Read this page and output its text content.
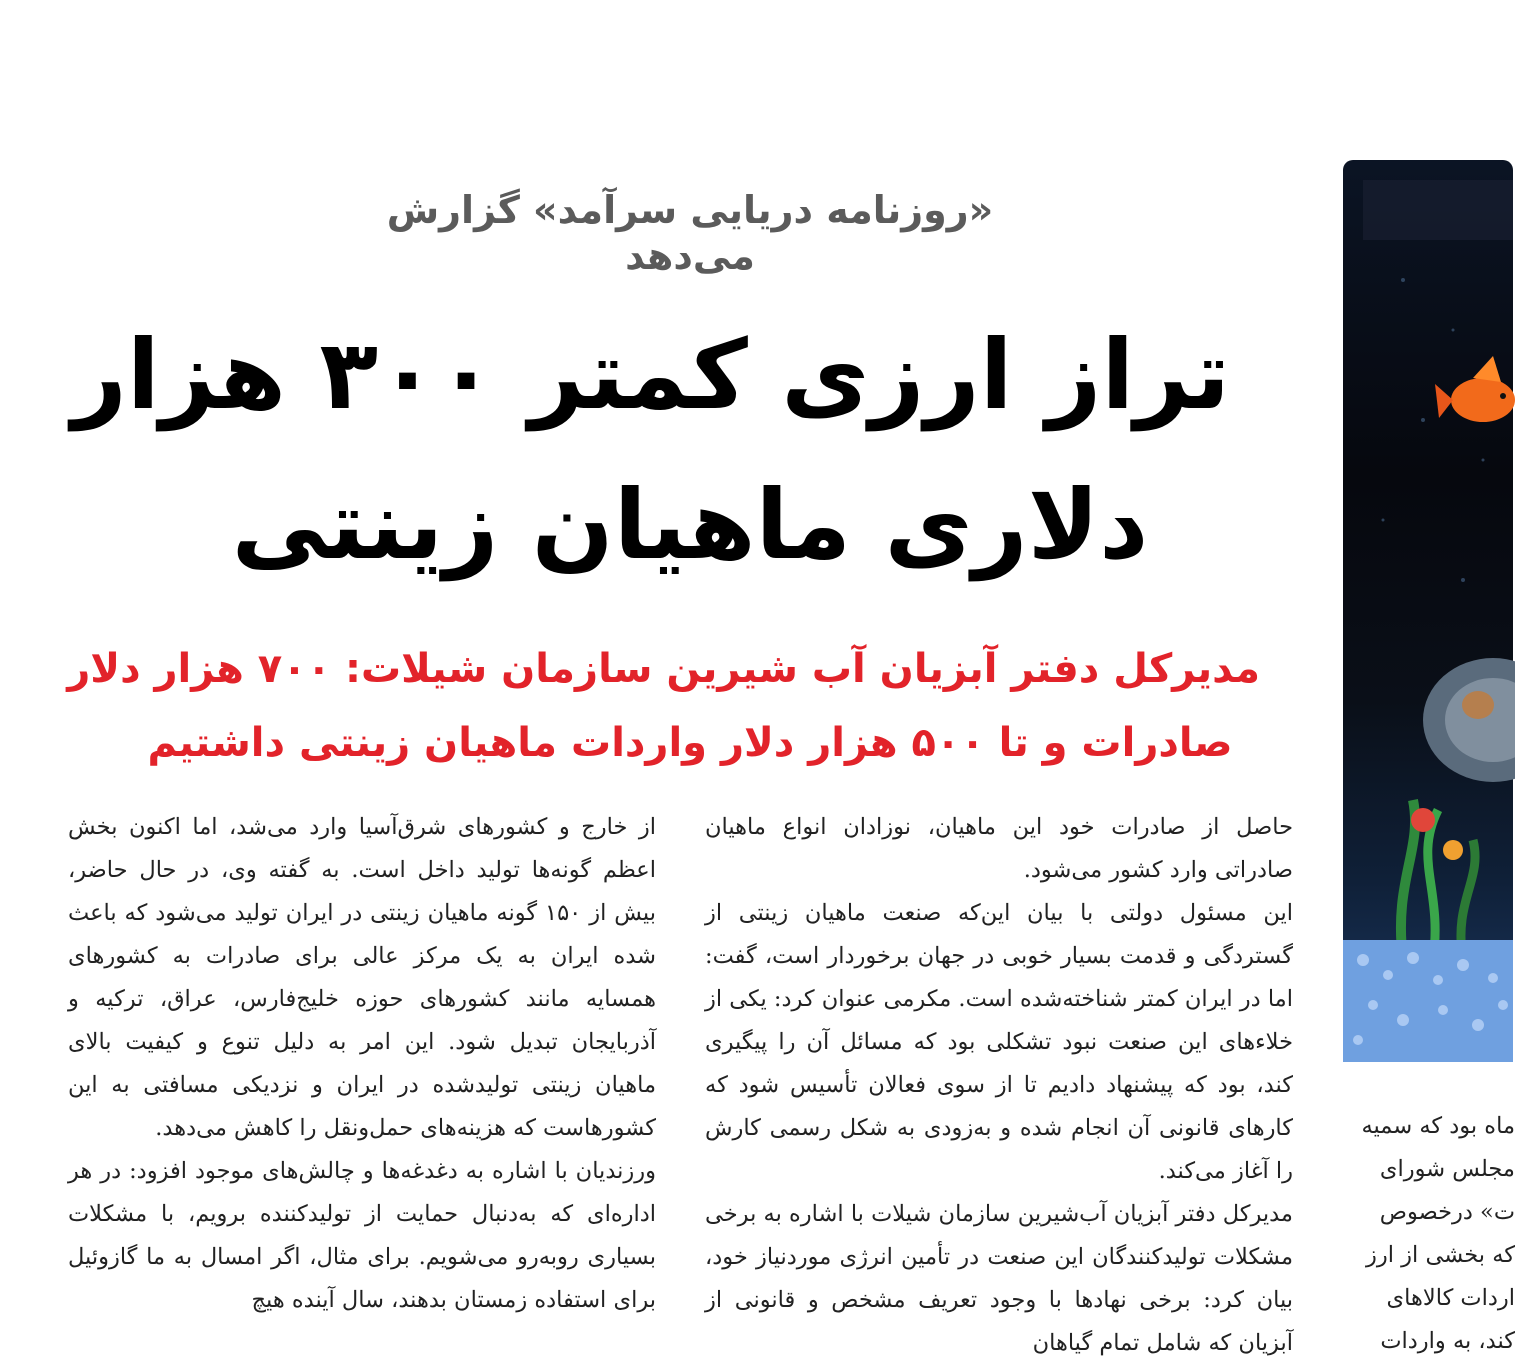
«روزنامه دریایی سرآمد» گزارش می‌دهد
تراز ارزی کمتر ۳۰۰ هزار
دلاری ماهیان زینتی
مدیرکل دفتر آبزیان آب شیرین سازمان شیلات: ۷۰۰ هزار دلار
صادرات و تا ۵۰۰ هزار دلار واردات ماهیان زینتی داشتیم

حاصل از صادرات خود این ماهیان، نوزادان انواع ماهیان صادراتی وارد کشور می‌شود.

این مسئول دولتی با بیان این‌که صنعت ماهیان زینتی از گستردگی و قدمت بسیار خوبی در جهان برخوردار است، گفت: اما در ایران کمتر شناخته‌شده است. مکرمی عنوان کرد: یکی از خلاءهای این صنعت نبود تشکلی بود که مسائل آن را پیگیری کند، بود که پیشنهاد دادیم تا از سوی فعالان تأسیس شود که کارهای قانونی آن انجام شده و به‌زودی به شکل رسمی کارش را آغاز می‌کند.

مدیرکل دفتر آبزیان آب‌شیرین سازمان شیلات با اشاره به برخی مشکلات تولیدکنندگان این صنعت در تأمین انرژی موردنیاز خود، بیان کرد: برخی نهادها با وجود تعریف مشخص و قانونی از آبزیان که شامل تمام گیاهان

از خارج و کشورهای شرق‌آسیا وارد می‌شد، اما اکنون بخش اعظم گونه‌ها تولید داخل است. به گفته وی، در حال حاضر، بیش از ۱۵۰ گونه ماهیان زینتی در ایران تولید می‌شود که باعث شده ایران به یک مرکز عالی برای صادرات به کشورهای همسایه مانند کشورهای حوزه خلیج‌فارس، عراق، ترکیه و آذربایجان تبدیل شود. این امر به دلیل تنوع و کیفیت بالای ماهیان زینتی تولیدشده در ایران و نزدیکی مسافتی به این کشورهاست که هزینه‌های حمل‌ونقل را کاهش می‌دهد.

ورزندیان با اشاره به دغدغه‌ها و چالش‌های موجود افزود: در هر اداره‌ای که به‌دنبال حمایت از تولیدکننده برویم، با مشکلات بسیاری روبه‌رو می‌شویم. برای مثال، اگر امسال به ما گازوئیل برای استفاده زمستان بدهند، سال آینده هیچ

ماه بود که سمیه

مجلس شورای

ت» درخصوص

که بخشی از ارز

اردات کالاهای

کند، به واردات
